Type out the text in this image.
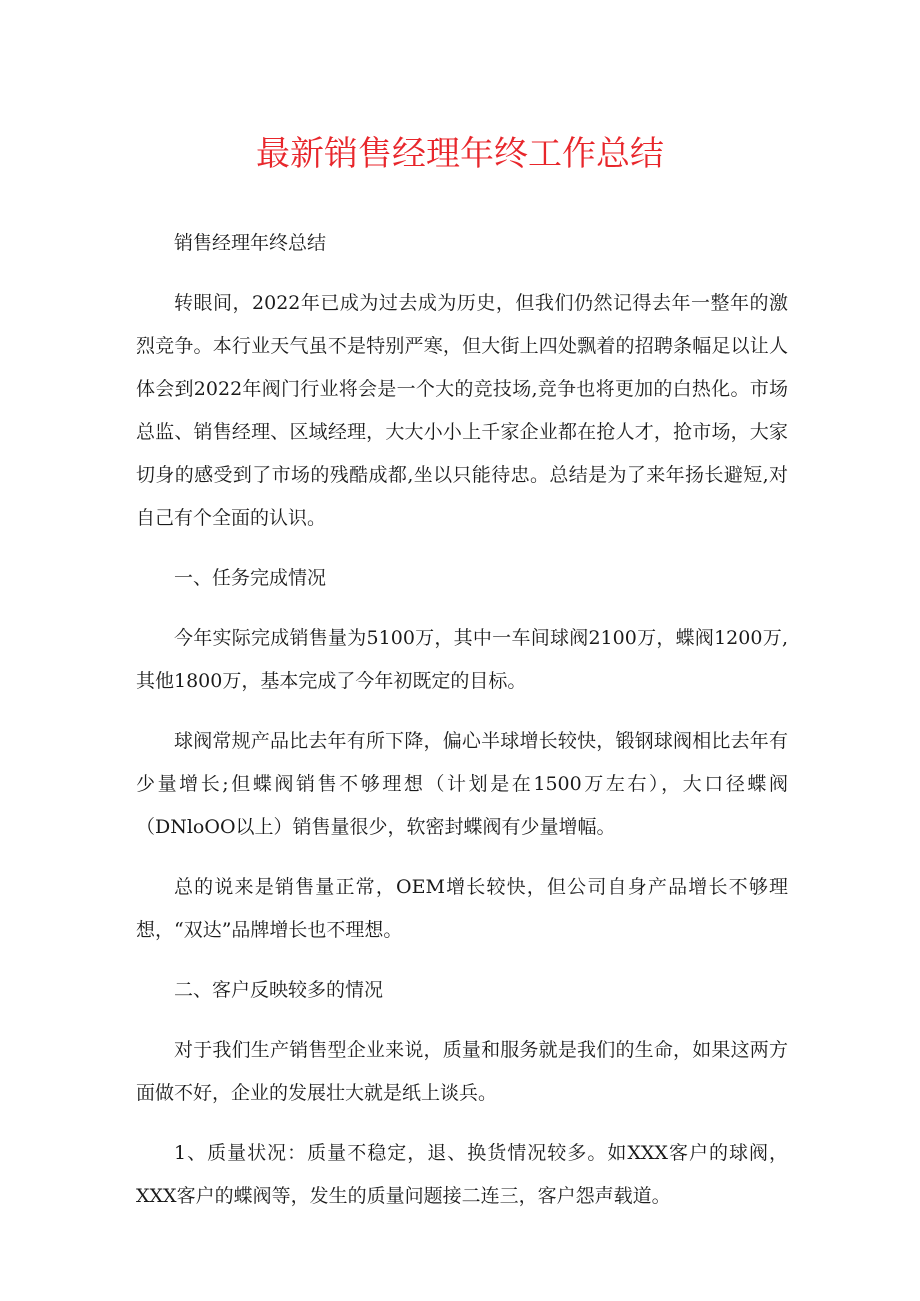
最新销售经理年终工作总结

销售经理年终总结

转眼间，2022年已成为过去成为历史，但我们仍然记得去年一整年的激烈竞争。本行业天气虽不是特别严寒，但大街上四处飘着的招聘条幅足以让人体会到2022年阀门行业将会是一个大的竞技场,竞争也将更加的白热化。市场总监、销售经理、区域经理，大大小小上千家企业都在抢人才，抢市场，大家切身的感受到了市场的残酷成都,坐以只能待忠。总结是为了来年扬长避短,对自己有个全面的认识。

一、任务完成情况

今年实际完成销售量为5100万，其中一车间球阀2100万，蝶阀1200万,其他1800万，基本完成了今年初既定的目标。

球阀常规产品比去年有所下降，偏心半球增长较快，锻钢球阀相比去年有少量增长;但蝶阀销售不够理想（计划是在1500万左右），大口径蝶阀（DNloOO以上）销售量很少，软密封蝶阀有少量增幅。

总的说来是销售量正常，OEM增长较快，但公司自身产品增长不够理想，“双达”品牌增长也不理想。

二、客户反映较多的情况

对于我们生产销售型企业来说，质量和服务就是我们的生命，如果这两方面做不好，企业的发展壮大就是纸上谈兵。

1、质量状况：质量不稳定，退、换货情况较多。如XXX客户的球阀，XXX客户的蝶阀等，发生的质量问题接二连三，客户怨声载道。
